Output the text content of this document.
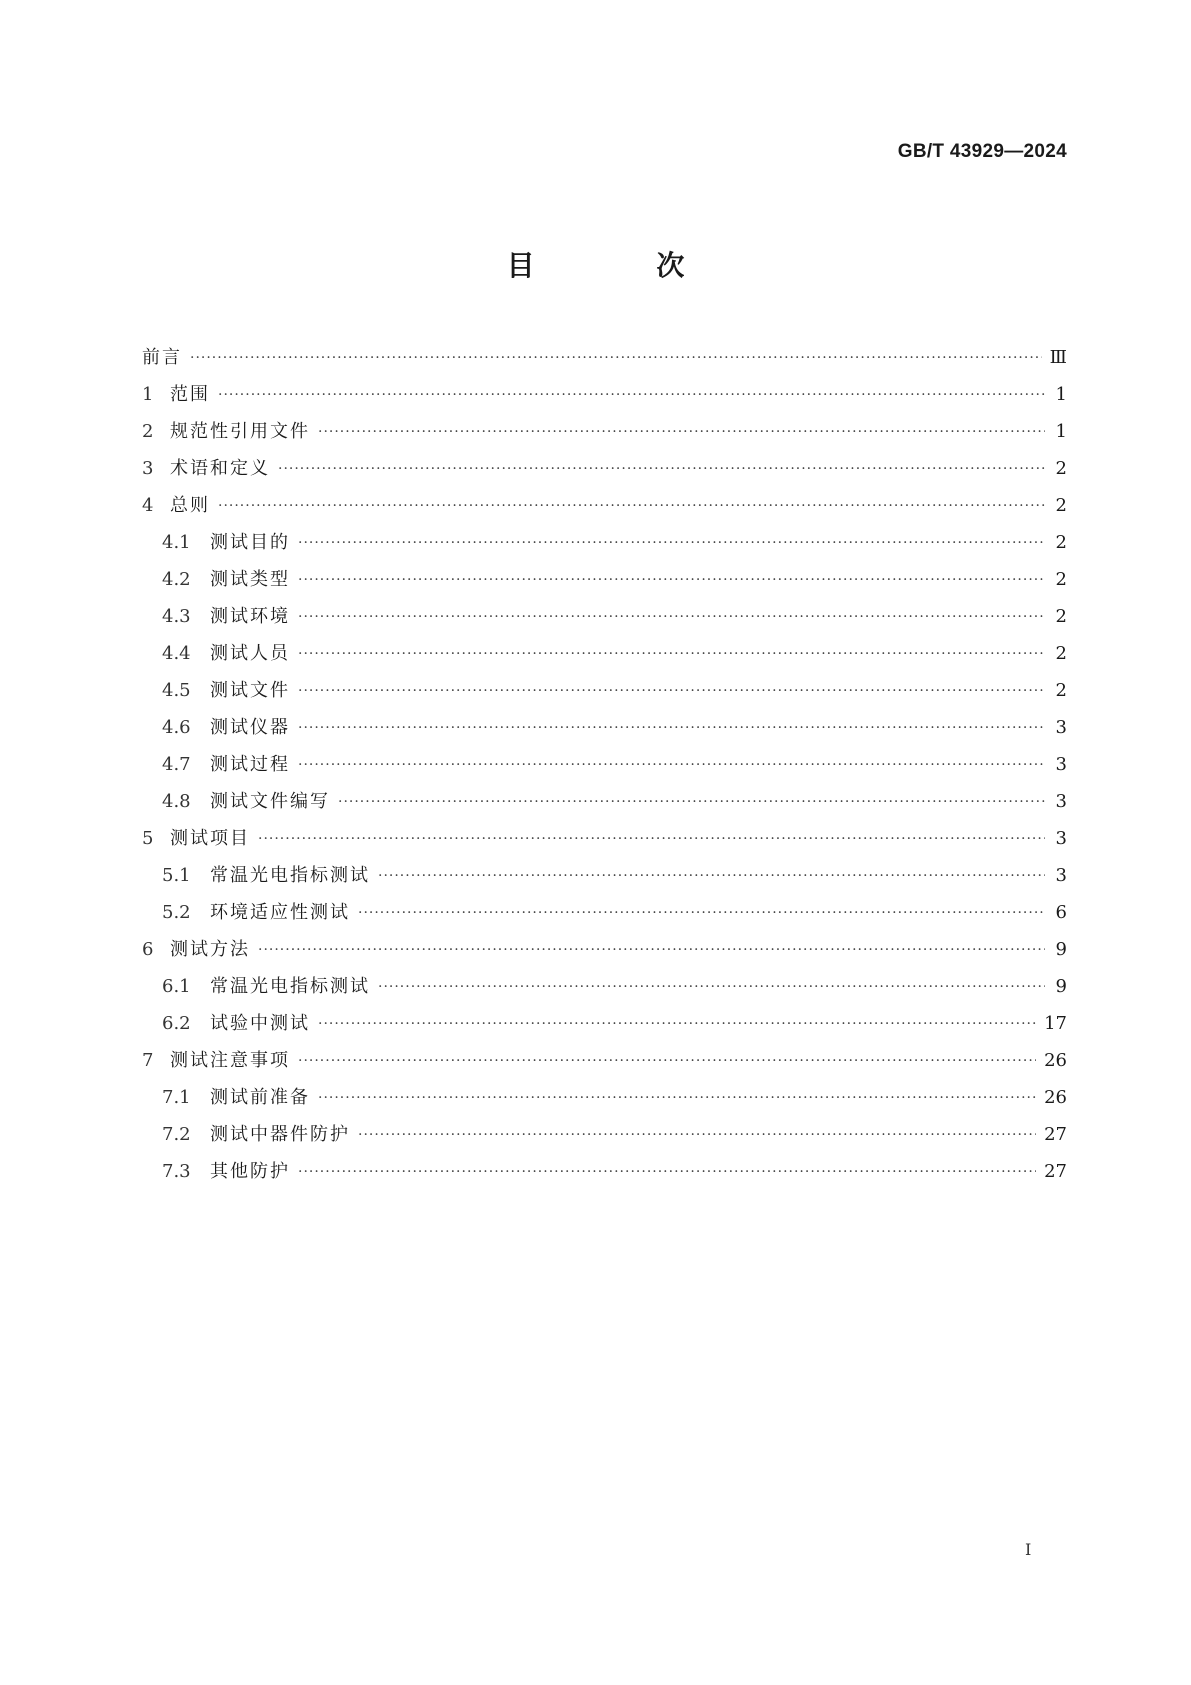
GB/T 43929—2024
目 次
前言 ·····	Ⅲ
1 范围 ·····	1
2 规范性引用文件 ·····	1
3 术语和定义 ·····	2
4 总则 ·····	2
4.1	测试目的 ·····	2
4.2	测试类型 ·····	2
4.3	测试环境 ·····	2
4.4	测试人员 ·····	2
4.5	测试文件 ·····	2
4.6	测试仪器 ·····	3
4.7	测试过程 ·····	3
4.8	测试文件编写 ·····	3
5 测试项目 ·····	3
5.1	常温光电指标测试 ·····	3
5.2	环境适应性测试 ·····	6
6 测试方法 ·····	9
6.1	常温光电指标测试 ·····	9
6.2	试验中测试 ·····	17
7 测试注意事项 ·····	26
7.1	测试前准备 ·····	26
7.2	测试中器件防护 ·····	27
7.3	其他防护 ·····	27
I
